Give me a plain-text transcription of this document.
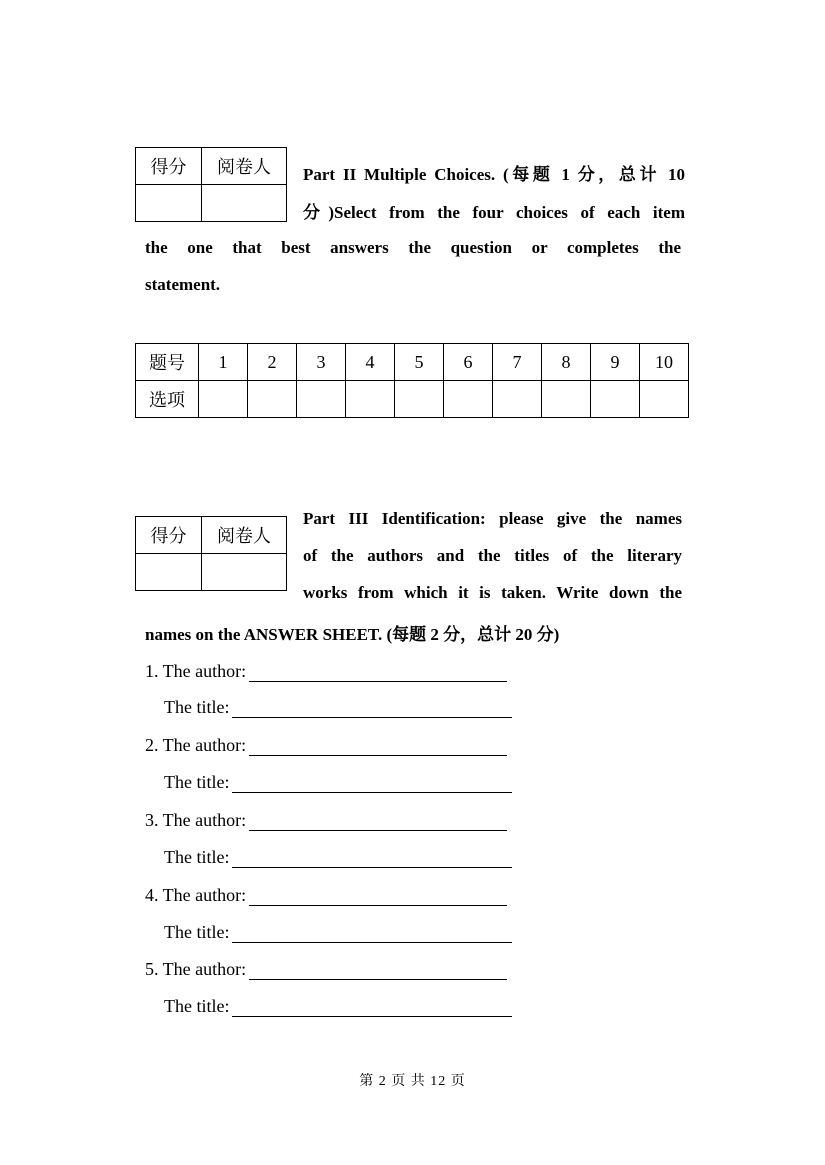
得分	阅卷人
	Part II Multiple Choices. (每题 1 分，总计 10
分)Select from the four choices of each item
the one that best answers the question or completes the
statement.
题号	1	2	3	4	5	6	7	8	9	10
选项										
得分	阅卷人

Part III Identification: please give the names
of the authors and the titles of the literary
works from which it is taken. Write down the
names on the ANSWER SHEET. (每题 2 分，总计 20 分)
1. The author:
The title:
2. The author:
The title:
3. The author:
The title:
4. The author:
The title:
5. The author:
The title:
第 2 页 共 12 页
